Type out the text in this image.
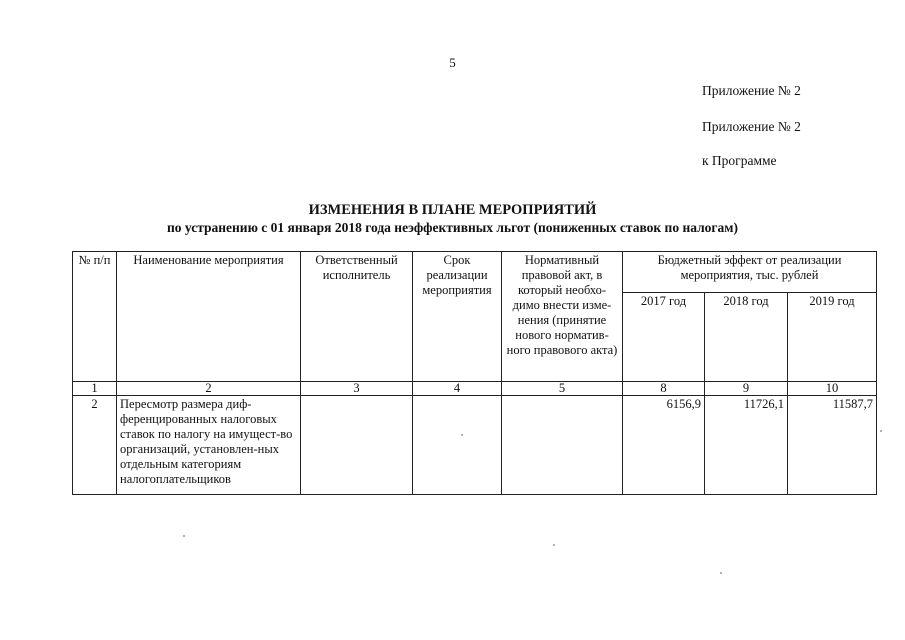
5
Приложение № 2
Приложение № 2
к Программе
ИЗМЕНЕНИЯ В ПЛАНЕ МЕРОПРИЯТИЙ
по устранению с 01 января 2018 года неэффективных льгот (пониженных ставок по налогам)
№ п/п	Наименование мероприятия	Ответственный исполнитель	Срок реализации мероприятия	Нормативный правовой акт, в который необхо-димо внести изме-нения (принятие нового норматив-ного правового акта)	Бюджетный эффект от реализации мероприятия, тыс. рублей		
					2017 год	2018 год	2019 год
1	2	3	4	5	8	9	10
2	Пересмотр размера диф-ференцированных налоговых ставок по налогу на имущест-во организаций, установлен-ных отдельным категориям налогоплательщиков				6156,9	11726,1	11587,7
